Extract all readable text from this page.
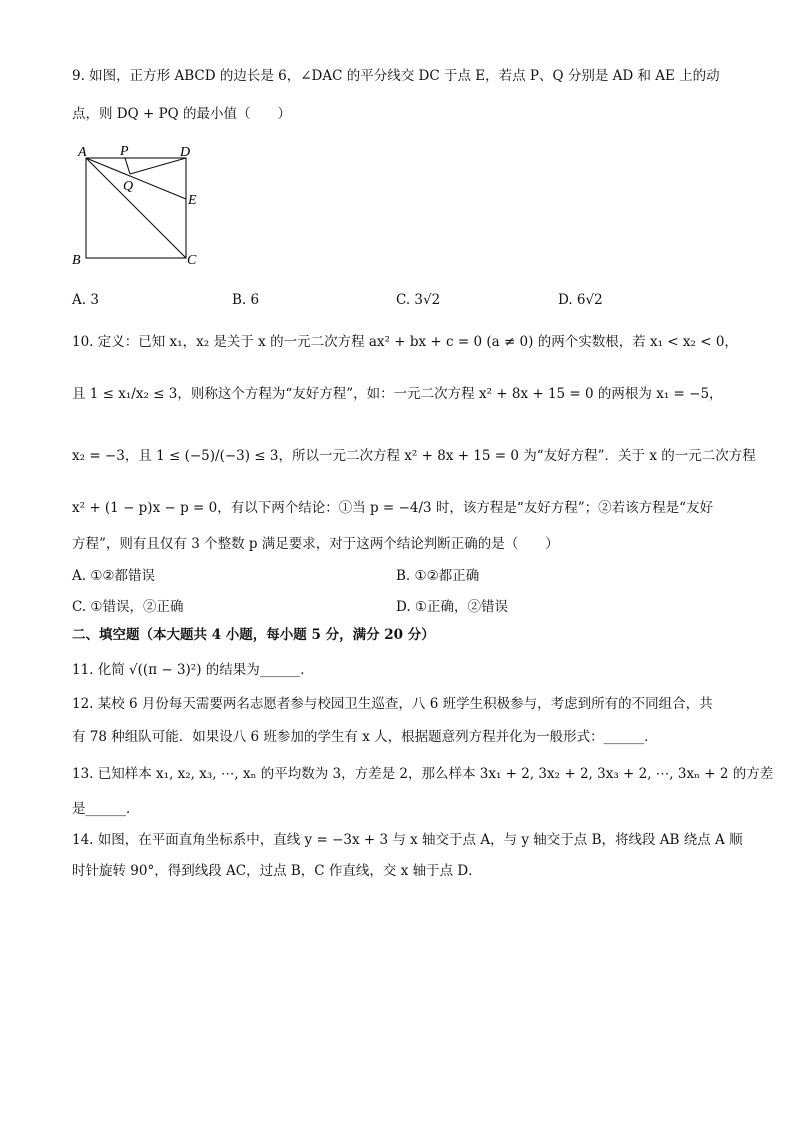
9. 如图，正方形 ABCD 的边长是 6，∠DAC 的平分线交 DC 于点 E，若点 P、Q 分别是 AD 和 AE 上的动
点，则 DQ + PQ 的最小值（　　）
A P	D
Q
E
B	C
A. 3	B. 6	C. 3√2	D. 6√2
10. 定义：已知 x₁，x₂ 是关于 x 的一元二次方程 ax² + bx + c = 0 (a ≠ 0) 的两个实数根，若 x₁ < x₂ < 0，
且 1 ≤ x₁/x₂ ≤ 3，则称这个方程为“友好方程”，如：一元二次方程 x² + 8x + 15 = 0 的两根为 x₁ = −5，
x₂ = −3，且 1 ≤ (−5)/(−3) ≤ 3，所以一元二次方程 x² + 8x + 15 = 0 为“友好方程”．关于 x 的一元二次方程
x² + (1 − p)x − p = 0，有以下两个结论：①当 p = −4/3 时，该方程是“友好方程”；②若该方程是“友好
方程”，则有且仅有 3 个整数 p 满足要求，对于这两个结论判断正确的是（　　）
A. ①②都错误	B. ①②都正确
C. ①错误，②正确	D. ①正确，②错误
二、填空题（本大题共 4 小题，每小题 5 分，满分 20 分）
11. 化简 √((π − 3)²) 的结果为______．
12. 某校 6 月份每天需要两名志愿者参与校园卫生巡查，八 6 班学生积极参与，考虑到所有的不同组合，共
有 78 种组队可能．如果设八 6 班参加的学生有 x 人，根据题意列方程并化为一般形式：______．
13. 已知样本 x₁, x₂, x₃, ⋯, xₙ 的平均数为 3，方差是 2，那么样本 3x₁ + 2, 3x₂ + 2, 3x₃ + 2, ⋯, 3xₙ + 2 的方差
是______．
14. 如图，在平面直角坐标系中，直线 y = −3x + 3 与 x 轴交于点 A，与 y 轴交于点 B，将线段 AB 绕点 A 顺
时针旋转 90°，得到线段 AC，过点 B，C 作直线，交 x 轴于点 D．
